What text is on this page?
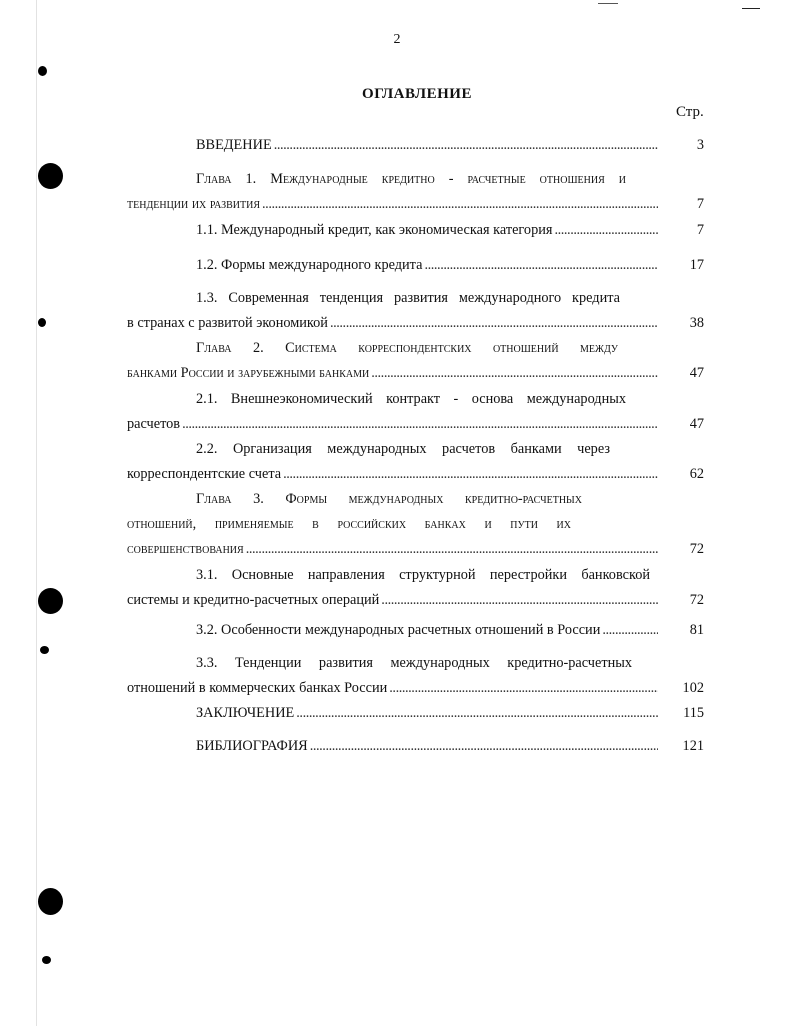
2
ОГЛАВЛЕНИЕ
Стр.
ВВЕДЕНИЕ . . .	3
Глава 1. Международные кредитно - расчетные отношения и
тенденции их развития . . .	7
1.1. Международный кредит, как экономическая категория . . .	7
1.2. Формы международного кредита . . .	17
1.3. Современная тенденция развития международного кредита
в странах с развитой экономикой . . .	38
Глава 2. Система корреспондентских отношений между
банками России и зарубежными банками . . .	47
2.1. Внешнеэкономический контракт - основа международных
расчетов . . .	47
2.2. Организация международных расчетов банками через
корреспондентские счета . . .	62
Глава 3. Формы международных кредитно-расчетных
отношений, применяемые в российских банках и пути их
совершенствования . . .	72
3.1. Основные направления структурной перестройки банковской
системы и кредитно-расчетных операций . . .	72
3.2. Особенности международных расчетных отношений в России . . .	81
3.3. Тенденции развития международных кредитно-расчетных
отношений в коммерческих банках России . . .	102
ЗАКЛЮЧЕНИЕ . . .	115
БИБЛИОГРАФИЯ . . .	121
